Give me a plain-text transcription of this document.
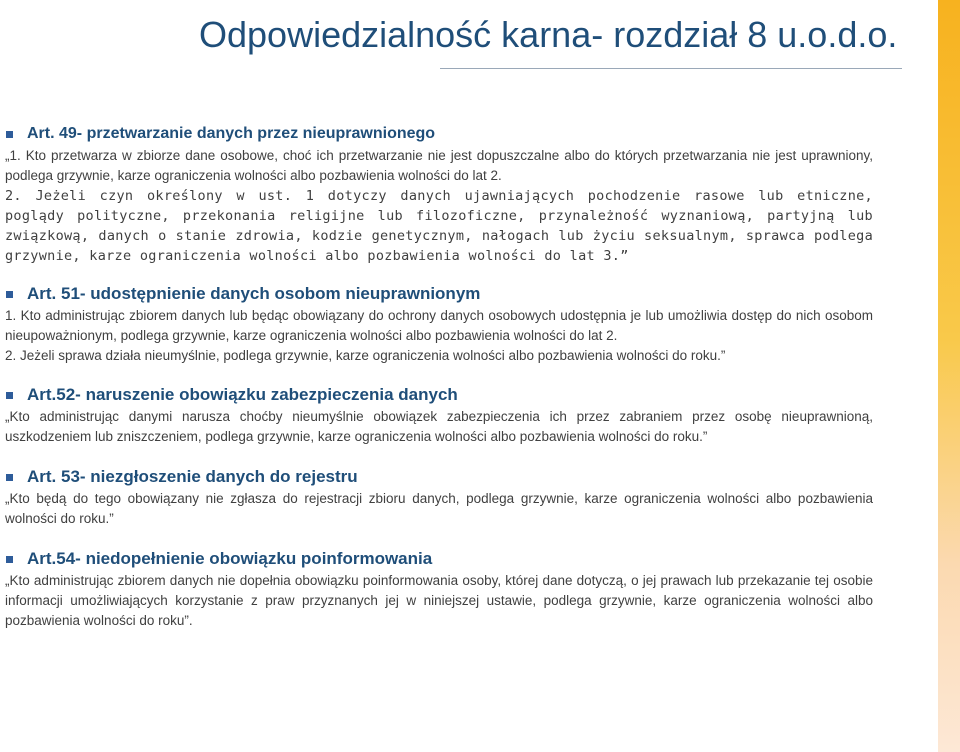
Odpowiedzialność karna- rozdział 8 u.o.d.o.
Art. 49- przetwarzanie danych przez nieuprawnionego

„1. Kto przetwarza w zbiorze dane osobowe, choć ich przetwarzanie nie jest dopuszczalne albo do których przetwarzania nie jest uprawniony, podlega grzywnie, karze ograniczenia wolności albo pozbawienia wolności do lat 2.

2. Jeżeli czyn określony w ust. 1 dotyczy danych ujawniających pochodzenie rasowe lub etniczne, poglądy polityczne, przekonania religijne lub filozoficzne, przynależność wyznaniową, partyjną lub związkową, danych o stanie zdrowia, kodzie genetycznym, nałogach lub życiu seksualnym, sprawca podlega grzywnie, karze ograniczenia wolności albo pozbawienia wolności do lat 3.”

Art. 51- udostępnienie danych osobom nieuprawnionym

1. Kto administrując zbiorem danych lub będąc obowiązany do ochrony danych osobowych udostępnia je lub umożliwia dostęp do nich osobom nieupoważnionym, podlega grzywnie, karze ograniczenia wolności albo pozbawienia wolności do lat 2.

2. Jeżeli sprawa działa nieumyślnie, podlega grzywnie, karze ograniczenia wolności albo pozbawienia wolności do roku.”

Art.52- naruszenie obowiązku zabezpieczenia danych

„Kto administrując danymi narusza choćby nieumyślnie obowiązek zabezpieczenia ich przez zabraniem przez osobę nieuprawnioną, uszkodzeniem lub zniszczeniem, podlega grzywnie, karze ograniczenia wolności albo pozbawienia wolności do roku.”

Art. 53- niezgłoszenie danych do rejestru

„Kto będą do tego obowiązany nie zgłasza do rejestracji zbioru danych, podlega grzywnie, karze ograniczenia wolności albo pozbawienia wolności do roku.”

Art.54- niedopełnienie obowiązku poinformowania

„Kto administrując zbiorem danych nie dopełnia obowiązku poinformowania osoby, której dane dotyczą, o jej prawach lub przekazanie tej osobie informacji umożliwiających korzystanie z praw przyznanych jej w niniejszej ustawie, podlega grzywnie, karze ograniczenia wolności albo pozbawienia wolności do roku”.
